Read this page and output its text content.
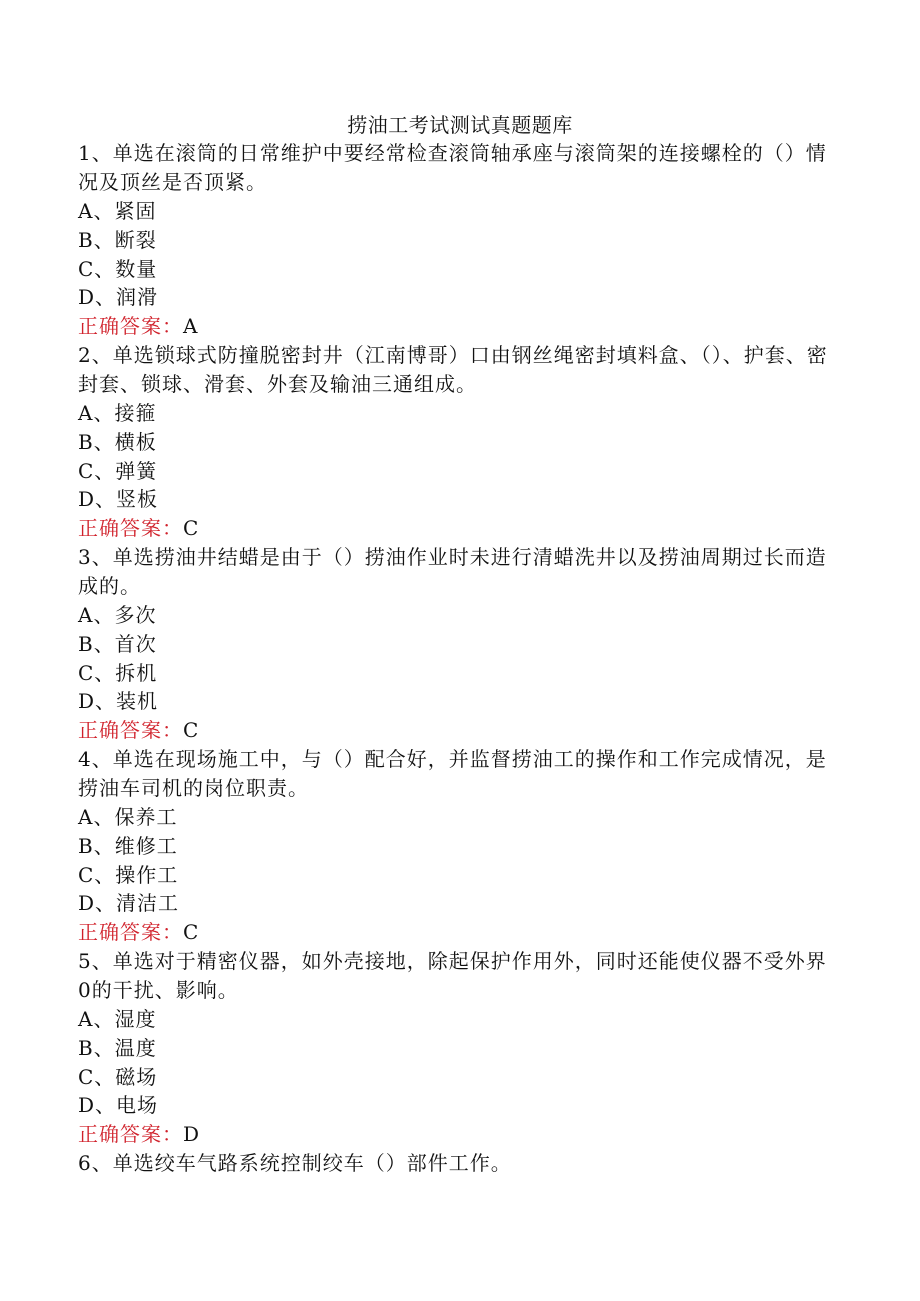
捞油工考试测试真题题库

1、单选在滚筒的日常维护中要经常检查滚筒轴承座与滚筒架的连接螺栓的（）情况及顶丝是否顶紧。

A、紧固

B、断裂

C、数量

D、润滑

正确答案：A

2、单选锁球式防撞脱密封井（江南博哥）口由钢丝绳密封填料盒、（）、护套、密封套、锁球、滑套、外套及输油三通组成。

A、接箍

B、横板

C、弹簧

D、竖板

正确答案：C

3、单选捞油井结蜡是由于（）捞油作业时未进行清蜡洗井以及捞油周期过长而造成的。

A、多次

B、首次

C、拆机

D、装机

正确答案：C

4、单选在现场施工中，与（）配合好，并监督捞油工的操作和工作完成情况，是捞油车司机的岗位职责。

A、保养工

B、维修工

C、操作工

D、清洁工

正确答案：C

5、单选对于精密仪器，如外壳接地，除起保护作用外，同时还能使仪器不受外界0的干扰、影响。

A、湿度

B、温度

C、磁场

D、电场

正确答案：D

6、单选绞车气路系统控制绞车（）部件工作。
